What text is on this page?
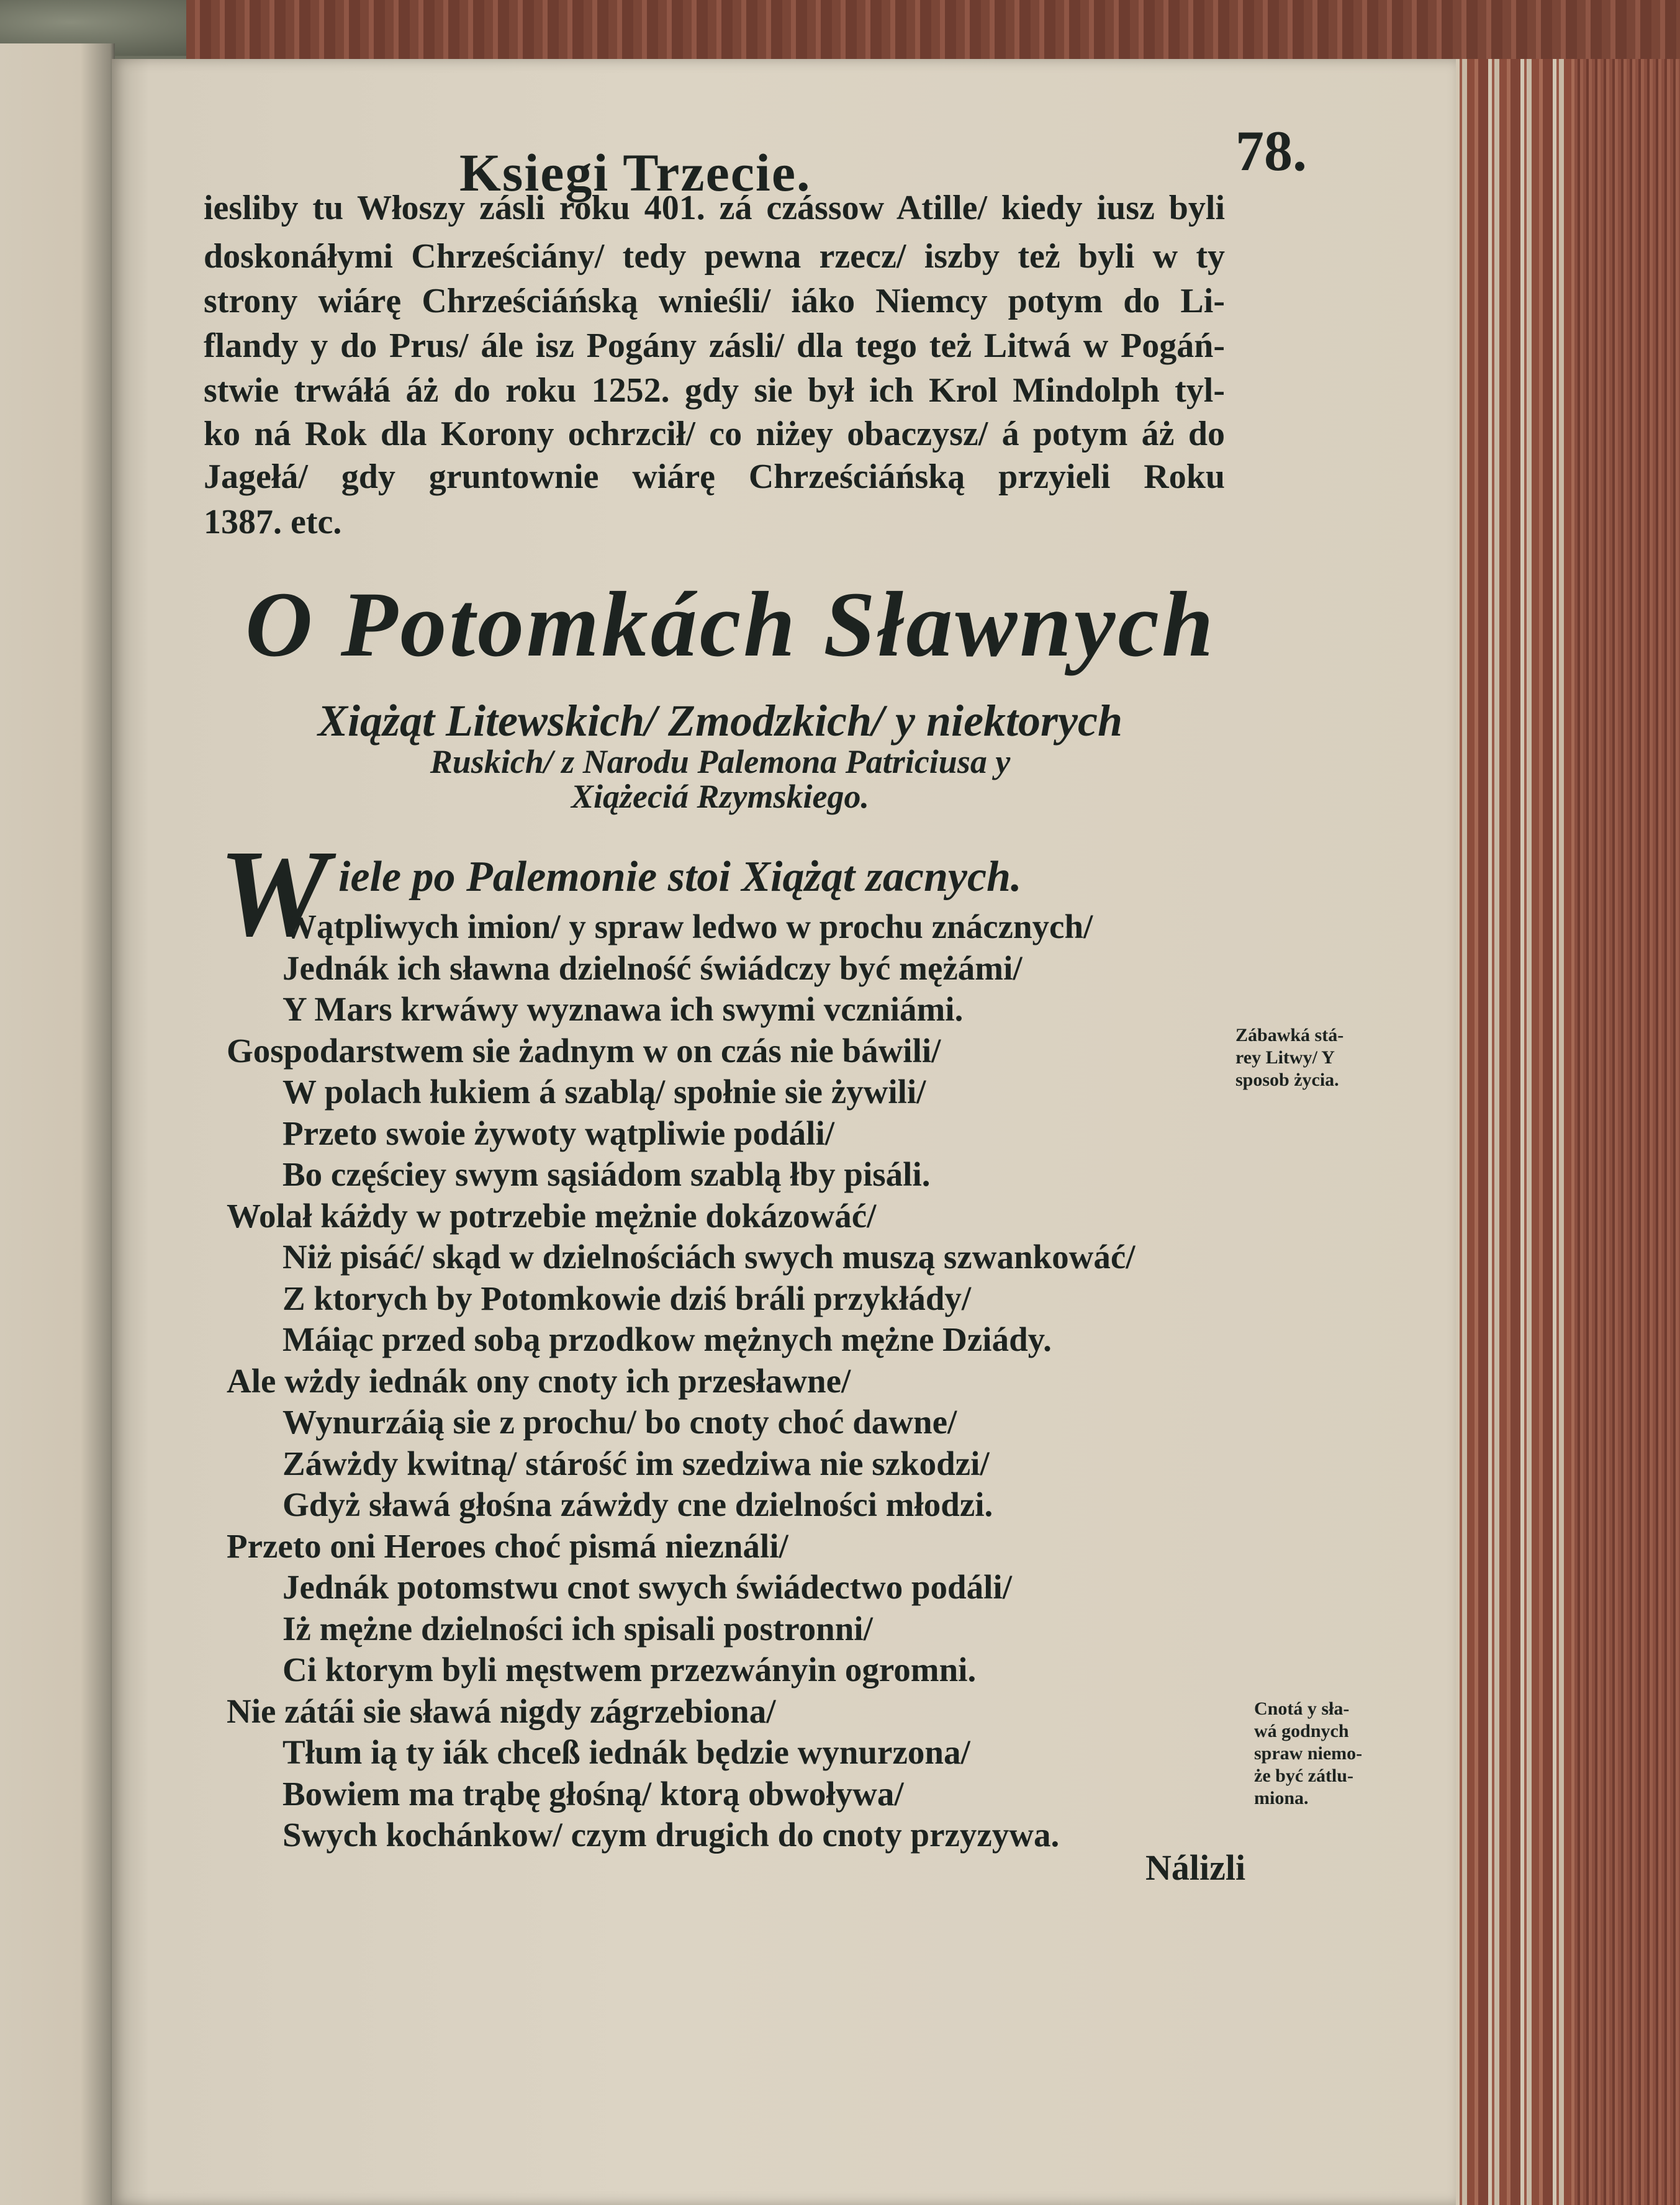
Ksiegi Trzecie.	78.
iesliby tu Włoszy zásli roku 401. zá czássow Atille/ kiedy iusz byli
doskonáłymi Chrześciány/ tedy pewna rzecz/ iszby też byli w ty
strony wiárę Chrześciáńską wnieśli/ iáko Niemcy potym do Li-
flandy y do Prus/ ále isz Pogány zásli/ dla tego też Litwá w Pogáń-
stwie trwáłá áż do roku 1252. gdy sie był ich Krol Mindolph tyl-
ko ná Rok dla Korony ochrzcił/ co niżey obaczysz/ á potym áż do
Jagełá/ gdy gruntownie wiárę Chrześciáńską przyieli Roku
1387. etc.
O Potomkách Sławnych
Xiążąt Litewskich/ Zmodzkich/ y niektorych
Ruskich/ z Narodu Palemona Patriciusa y
Xiążeciá Rzymskiego.
W iele po Palemonie stoi Xiążąt zacnych.
Wątpliwych imion/ y spraw ledwo w prochu znácznych/
Jednák ich sławna dzielność świádczy być mężámi/
Y Mars krwáwy wyznawa ich swymi vczniámi.
Gospodarstwem sie żadnym w on czás nie báwili/
W polach łukiem á szablą/ społnie sie żywili/
Przeto swoie żywoty wątpliwie podáli/
Bo częściey swym sąsiádom szablą łby pisáli.
Wolał káżdy w potrzebie mężnie dokázowáć/
Niż pisáć/ skąd w dzielnościách swych muszą szwankowáć/
Z ktorych by Potomkowie dziś bráli przykłády/
Máiąc przed sobą przodkow mężnych mężne Dziády.
Ale wżdy iednák ony cnoty ich przesławne/
Wynurzáią sie z prochu/ bo cnoty choć dawne/
Záwżdy kwitną/ stárość im szedziwa nie szkodzi/
Gdyż sławá głośna záwżdy cne dzielności młodzi.
Przeto oni Heroes choć pismá nieználi/
Jednák potomstwu cnot swych świádectwo podáli/
Iż mężne dzielności ich spisali postronni/
Ci ktorym byli męstwem przezwányin ogromni.
Nie zátái sie sławá nigdy zágrzebiona/
Tłum ią ty iák chceß iednák będzie wynurzona/
Bowiem ma trąbę głośną/ ktorą obwoływa/
Swych kochánkow/ czym drugich do cnoty przyzywa.
Zábawká stá-
rey Litwy/ Y
sposob życia.
Cnotá y sła-
wá godnych
spraw niemo-
że być zátlu-
miona.
Nálizli
